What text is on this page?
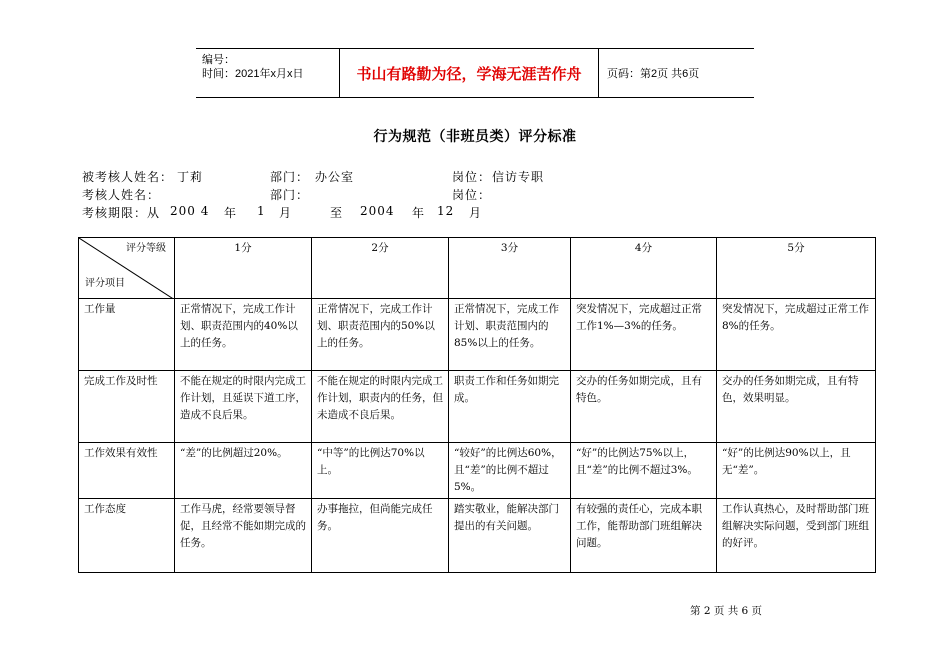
编号：
时间：2021年x月x日	书山有路勤为径，学海无涯苦作舟	页码：第2页 共6页
行为规范（非班员类）评分标准
被考核人姓名： 丁莉	部门： 办公室	岗位： 信访专职
考核人姓名：	部门：	岗位：
考核期限：从 200 4 年 1 月	至 2004 年 12 月
评分等级
评分项目	1分	2分	3分	4分	5分
工作量	正常情况下，完成工作计划、职责范围内的40%以上的任务。	正常情况下，完成工作计划、职责范围内的50%以上的任务。	正常情况下，完成工作计划、职责范围内的85%以上的任务。	突发情况下，完成超过正常工作1%—3%的任务。	突发情况下，完成超过正常工作8%的任务。
完成工作及时性	不能在规定的时限内完成工作计划，且延误下道工序，造成不良后果。	不能在规定的时限内完成工作计划，职责内的任务，但未造成不良后果。	职责工作和任务如期完成。	交办的任务如期完成，且有特色。	交办的任务如期完成，且有特色，效果明显。
工作效果有效性	“差”的比例超过20%。	“中等”的比例达70%以上。	“较好”的比例达60%，且“差”的比例不超过5%。	“好”的比例达75%以上，且“差”的比例不超过3%。	“好”的比例达90%以上，且无“差”。
工作态度	工作马虎，经常要领导督促，且经常不能如期完成的任务。	办事拖拉，但尚能完成任务。	踏实敬业，能解决部门提出的有关问题。	有较强的责任心，完成本职工作，能帮助部门班组解决问题。	工作认真热心，及时帮助部门班组解决实际问题，受到部门班组的好评。
第 2 页 共 6 页
